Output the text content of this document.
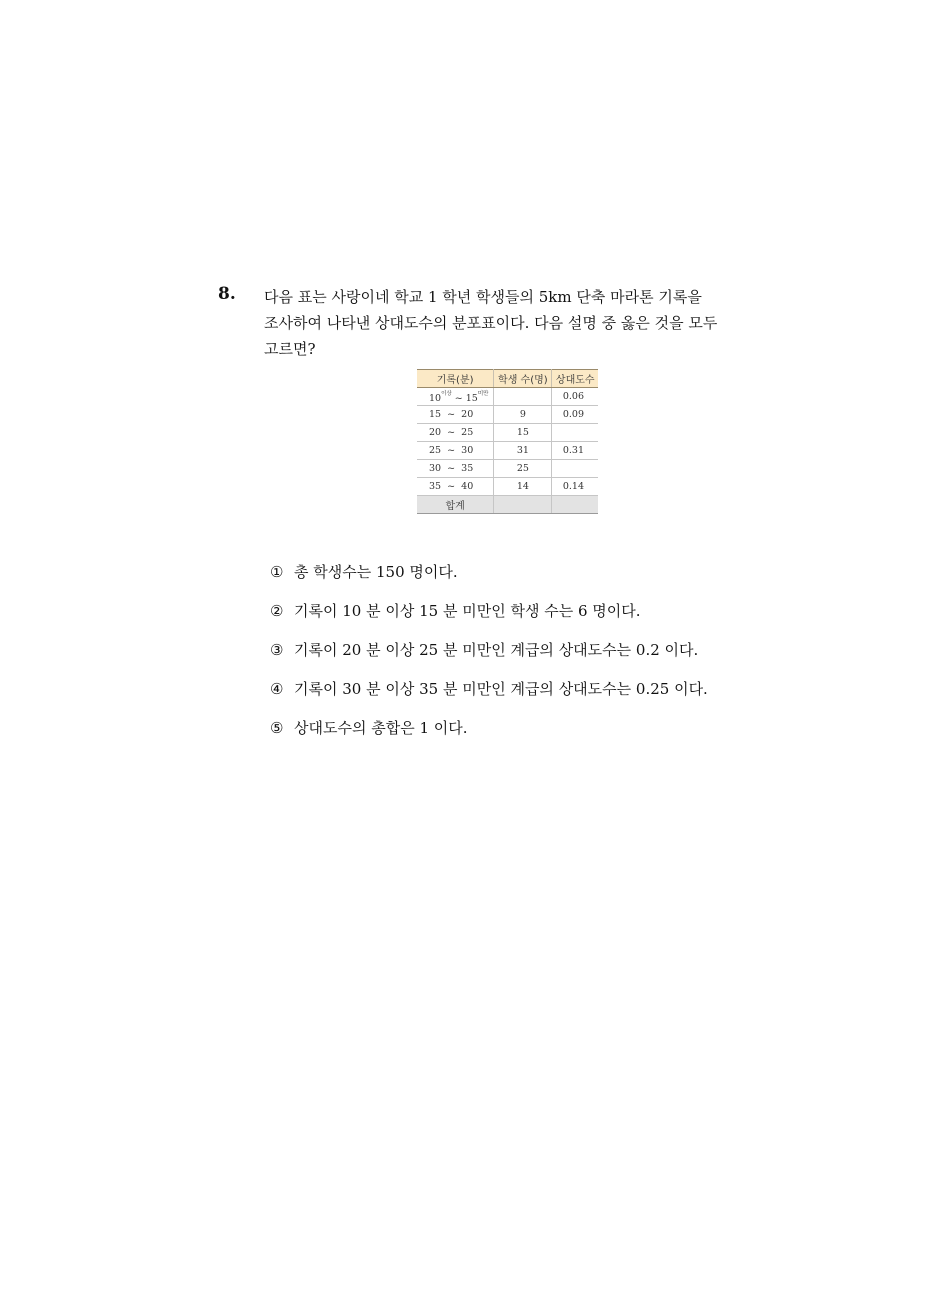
8. 다음 표는 사랑이네 학교 1 학년 학생들의 5km 단축 마라톤 기록을
조사하여 나타낸 상대도수의 분포표이다. 다음 설명 중 옳은 것을 모두
고르면?
기록(분)	학생 수(명)	상대도수
$10^{이상}$ ~ $15^{미만}$		0.06
15 ~ 20	9	0.09
20 ~ 25	15	
25 ~ 30	31	0.31
30 ~ 35	25	
35 ~ 40	14	0.14
합계		
① 총 학생수는 150 명이다.
② 기록이 10 분 이상 15 분 미만인 학생 수는 6 명이다.
③ 기록이 20 분 이상 25 분 미만인 계급의 상대도수는 0.2 이다.
④ 기록이 30 분 이상 35 분 미만인 계급의 상대도수는 0.25 이다.
⑤ 상대도수의 총합은 1 이다.
